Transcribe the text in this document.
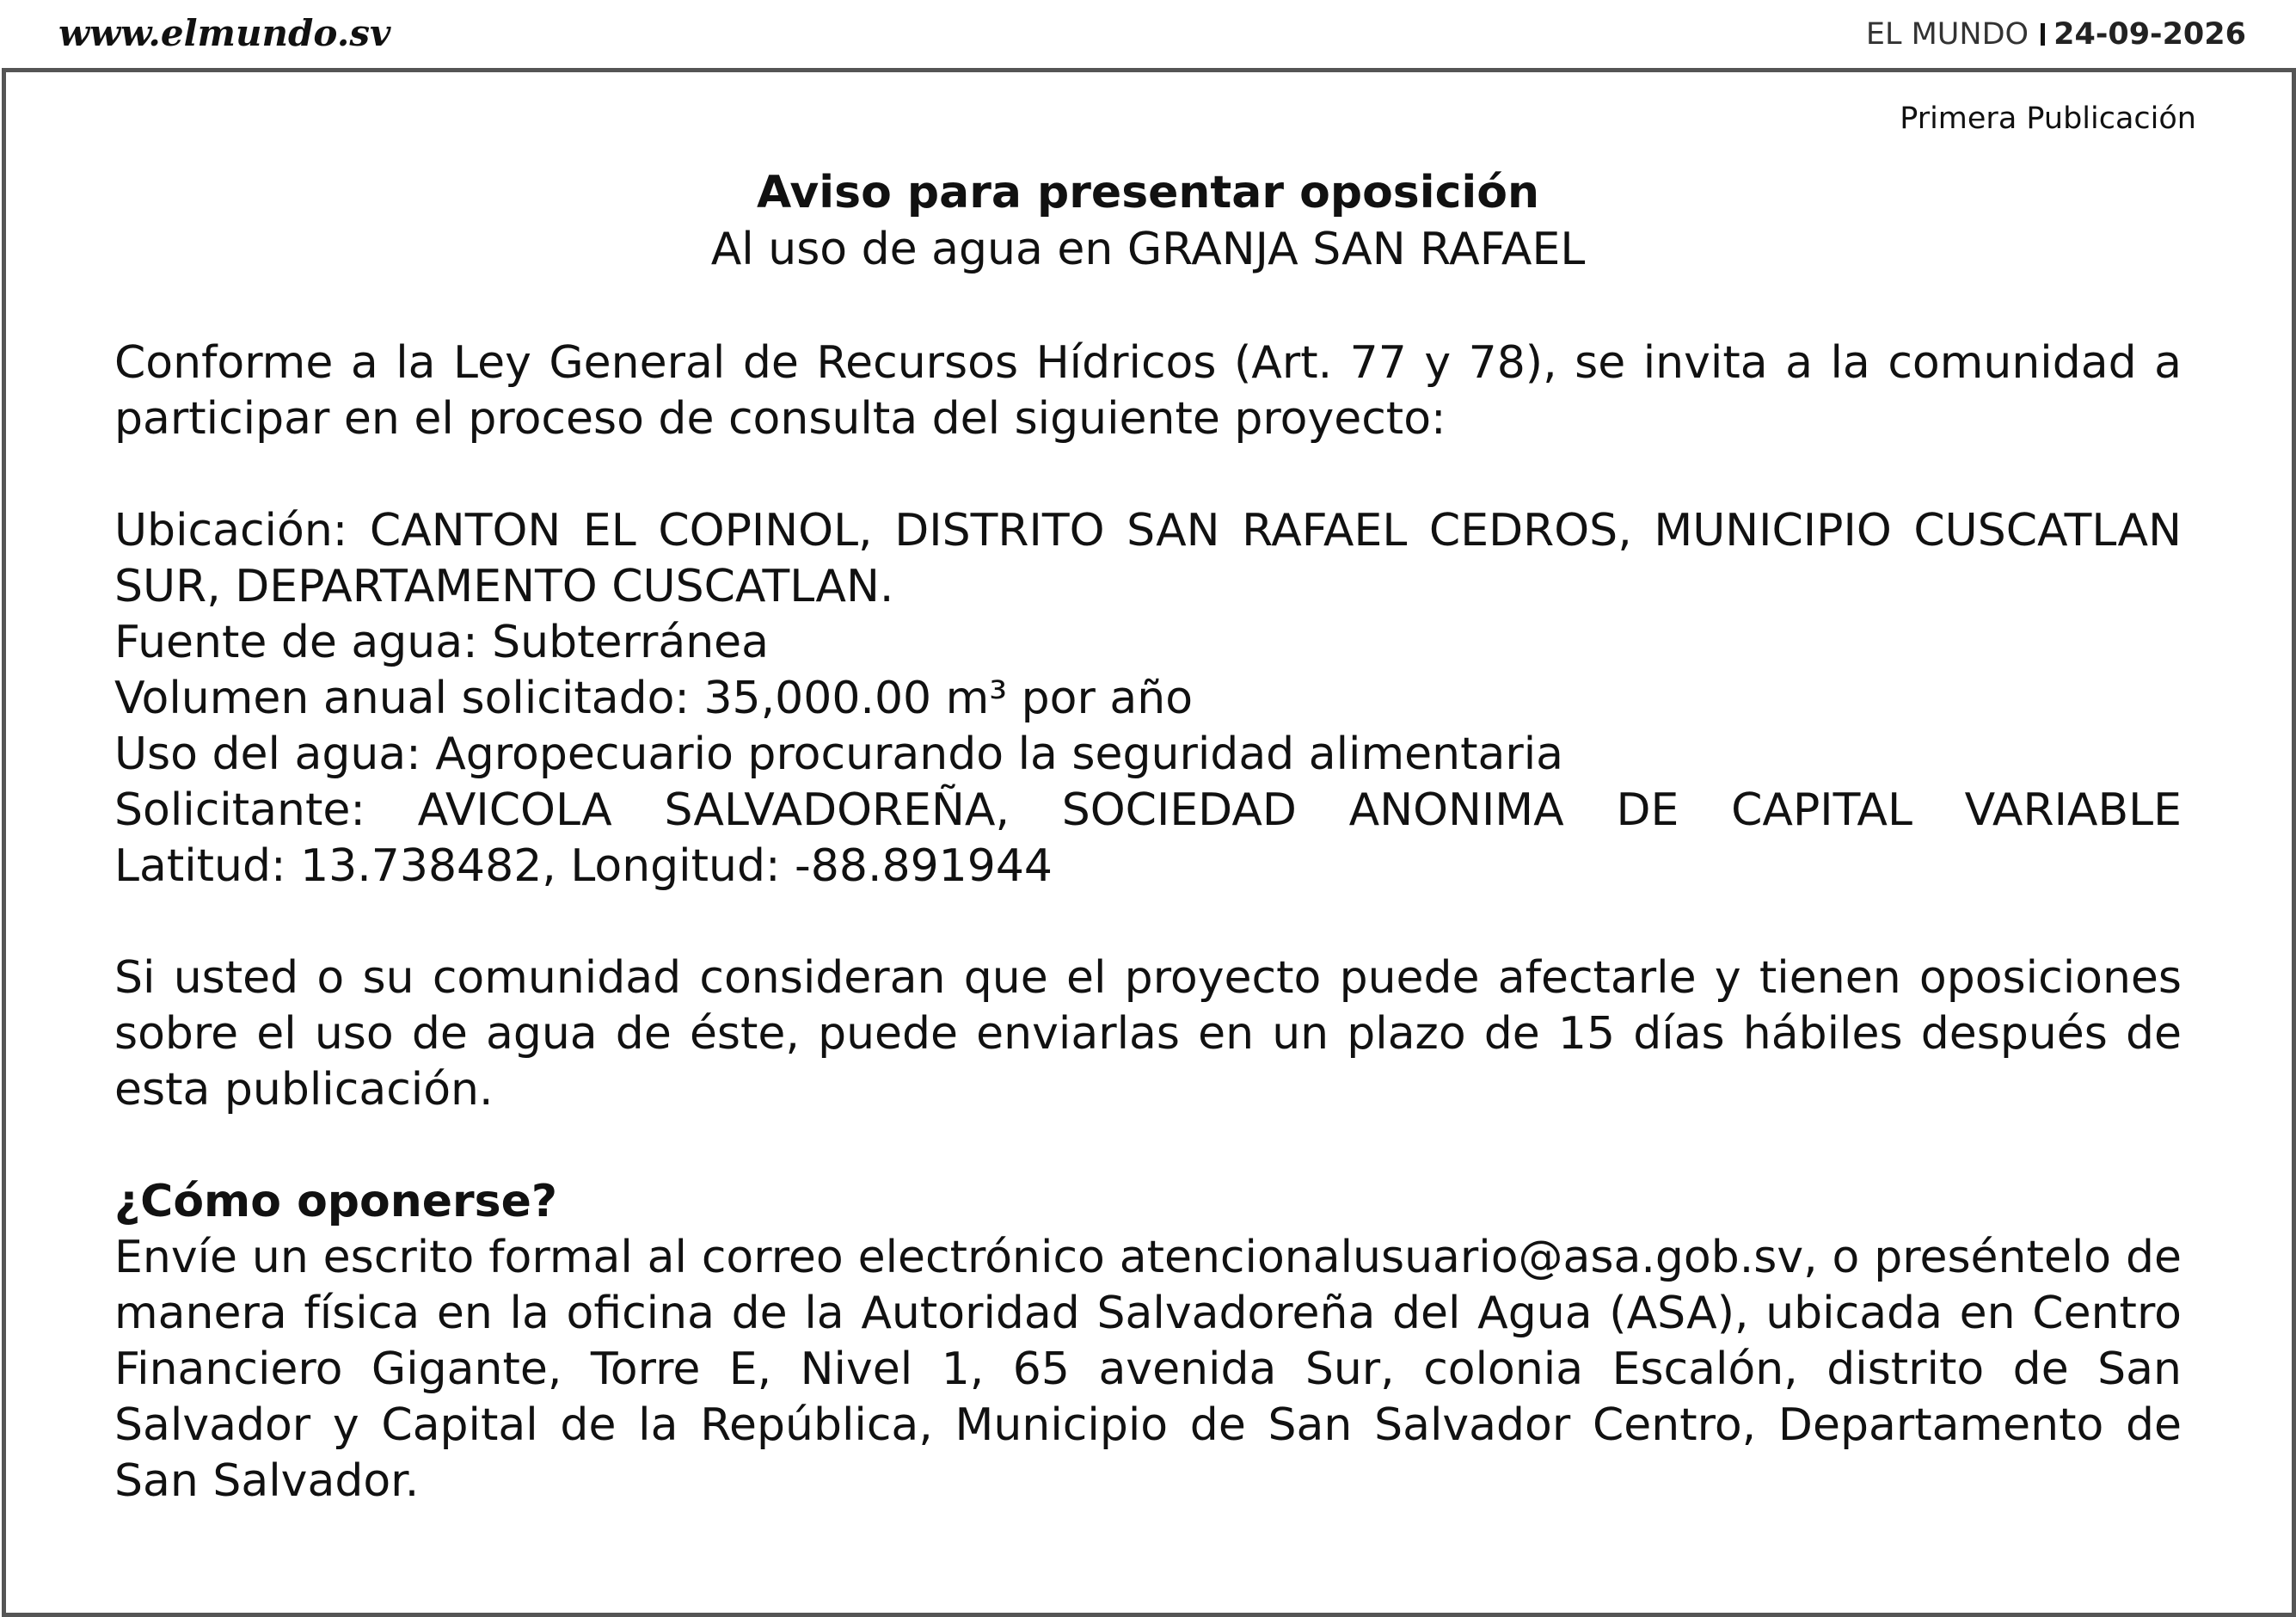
www.elmundo.sv	EL MUNDO 24-09-2026
Primera Publicación
Aviso para presentar oposición
Al uso de agua en GRANJA SAN RAFAEL
Conforme a la Ley General de Recursos Hídricos (Art. 77 y 78), se invita a la comunidad a participar en el proceso de consulta del siguiente proyecto:
Ubicación: CANTON EL COPINOL, DISTRITO SAN RAFAEL CEDROS, MUNICIPIO CUSCATLAN SUR, DEPARTAMENTO CUSCATLAN.
Fuente de agua: Subterránea
Volumen anual solicitado: 35,000.00 m³ por año
Uso del agua: Agropecuario procurando la seguridad alimentaria
Solicitante: AVICOLA SALVADOREÑA, SOCIEDAD ANONIMA DE CAPITAL VARIABLE
Latitud: 13.738482, Longitud: -88.891944
Si usted o su comunidad consideran que el proyecto puede afectarle y tienen oposiciones sobre el uso de agua de éste, puede enviarlas en un plazo de 15 días hábiles después de esta publicación.
¿Cómo oponerse?
Envíe un escrito formal al correo electrónico atencionalusuario@asa.gob.sv, o preséntelo de manera física en la oficina de la Autoridad Salvadoreña del Agua (ASA), ubicada en Centro Financiero Gigante, Torre E, Nivel 1, 65 avenida Sur, colonia Escalón, distrito de San Salvador y Capital de la República, Municipio de San Salvador Centro, Departamento de San Salvador.
